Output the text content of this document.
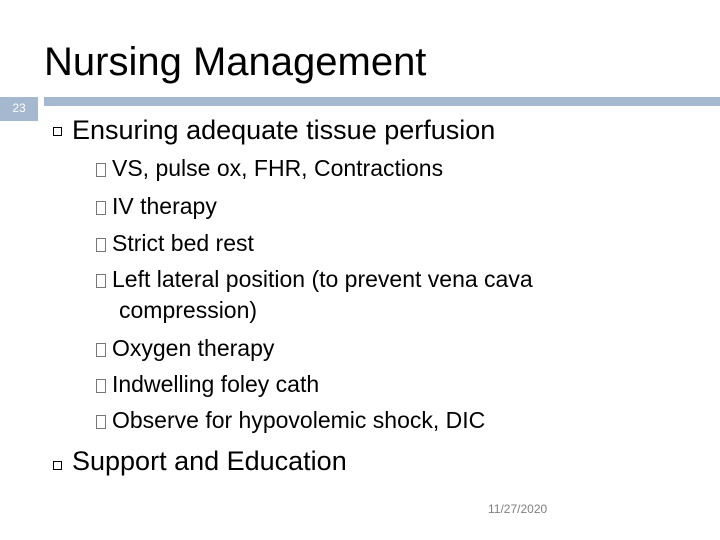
Nursing Management
23
Ensuring adequate tissue perfusion
VS, pulse ox, FHR, Contractions
IV therapy
Strict bed rest
Left lateral position (to prevent vena cava
compression)
Oxygen therapy
Indwelling foley cath
Observe for hypovolemic shock, DIC
Support and Education
11/27/2020
